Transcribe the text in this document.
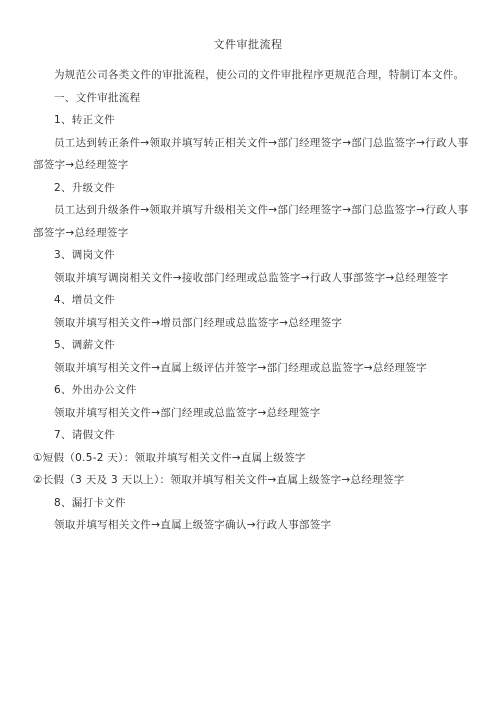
文件审批流程

为规范公司各类文件的审批流程，使公司的文件审批程序更规范合理，特制订本文件。

一、文件审批流程

1、转正文件

员工达到转正条件→领取并填写转正相关文件→部门经理签字→部门总监签字→行政人事部签字→总经理签字

2、升级文件

员工达到升级条件→领取并填写升级相关文件→部门经理签字→部门总监签字→行政人事部签字→总经理签字

3、调岗文件

领取并填写调岗相关文件→接收部门经理或总监签字→行政人事部签字→总经理签字

4、增员文件

领取并填写相关文件→增员部门经理或总监签字→总经理签字

5、调薪文件

领取并填写相关文件→直属上级评估并签字→部门经理或总监签字→总经理签字

6、外出办公文件

领取并填写相关文件→部门经理或总监签字→总经理签字

7、请假文件

①短假（0.5-2 天）：领取并填写相关文件→直属上级签字

②长假（3 天及 3 天以上）：领取并填写相关文件→直属上级签字→总经理签字

8、漏打卡文件

领取并填写相关文件→直属上级签字确认→行政人事部签字
